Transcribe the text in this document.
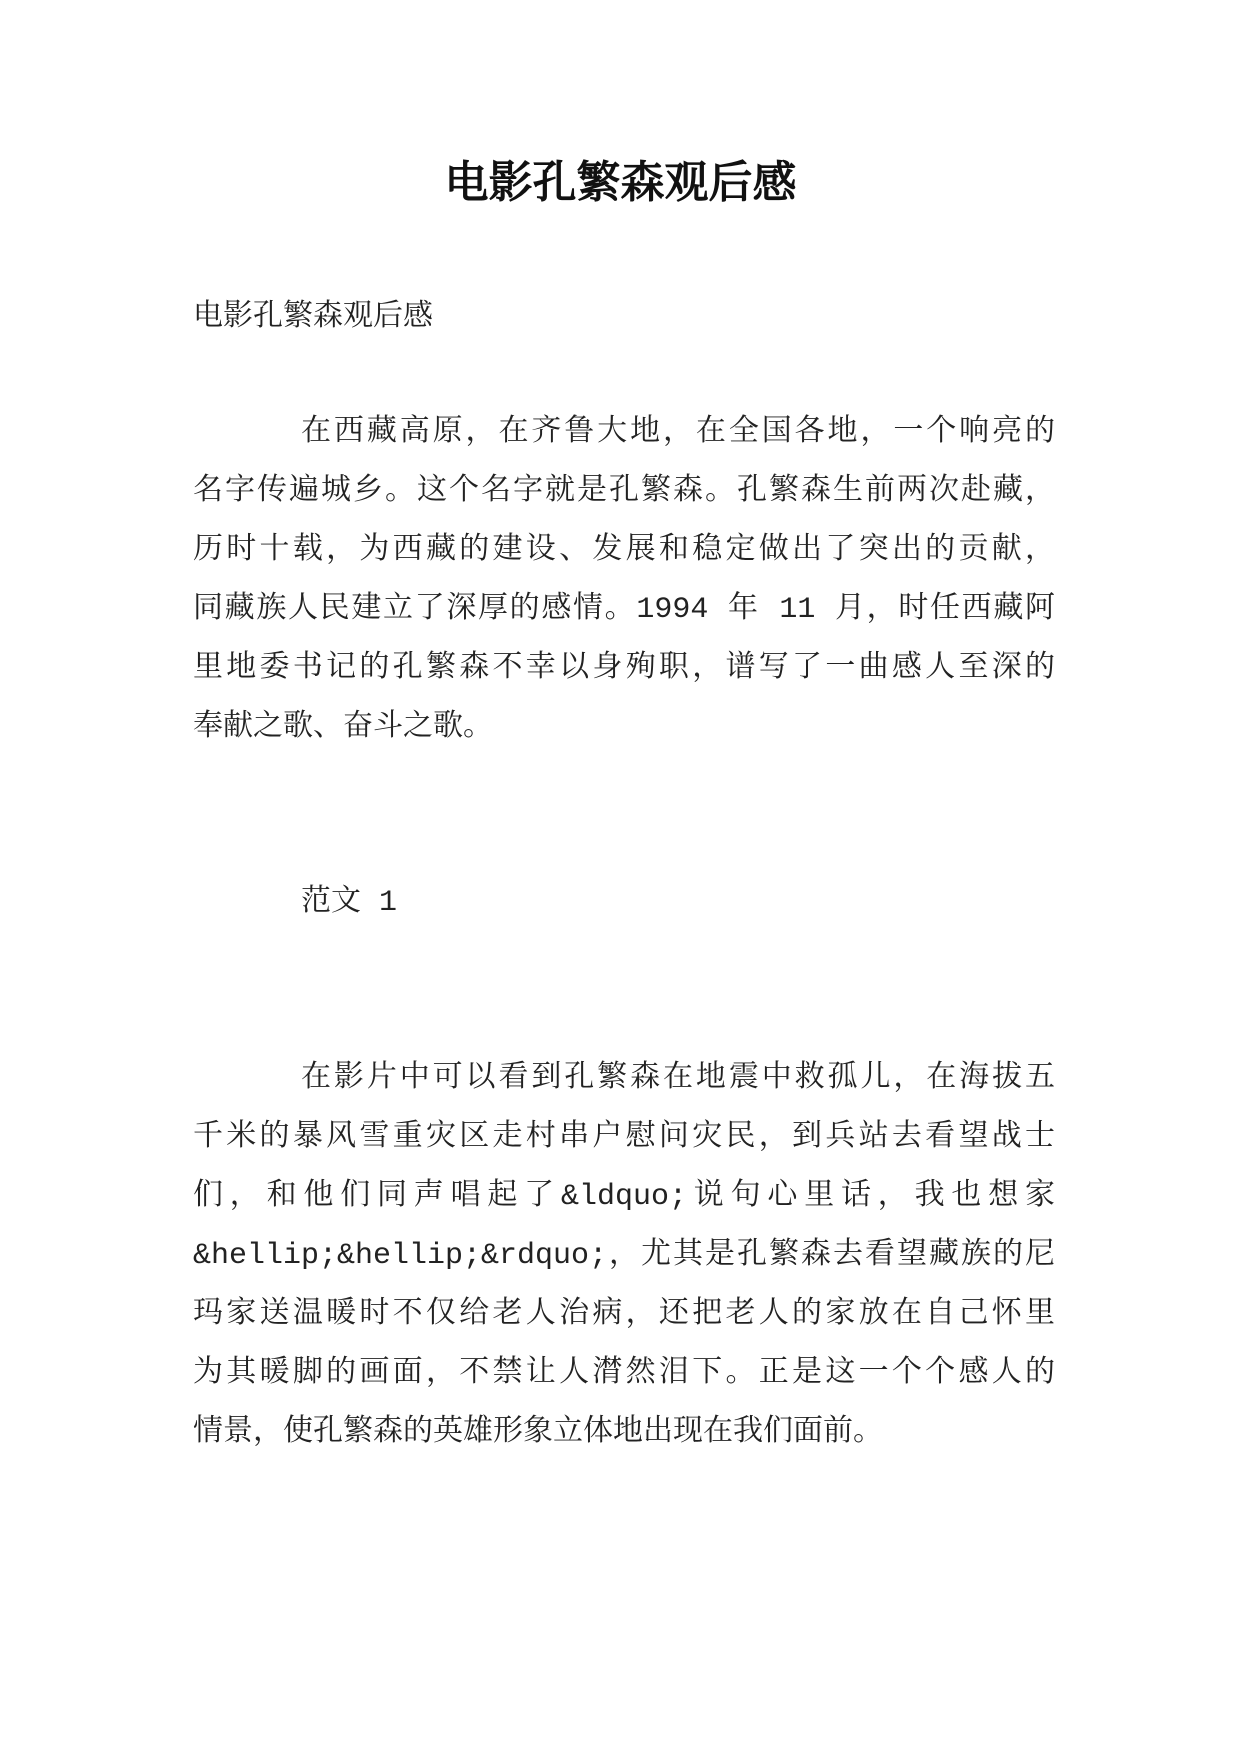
电影孔繁森观后感
电影孔繁森观后感
在西藏高原，在齐鲁大地，在全国各地，一个响亮的
名字传遍城乡。这个名字就是孔繁森。孔繁森生前两次赴藏，
历时十载，为西藏的建设、发展和稳定做出了突出的贡献，
同藏族人民建立了深厚的感情。1994 年 11 月，时任西藏阿
里地委书记的孔繁森不幸以身殉职，谱写了一曲感人至深的
奉献之歌、奋斗之歌。
范文 1
在影片中可以看到孔繁森在地震中救孤儿，在海拔五
千米的暴风雪重灾区走村串户慰问灾民，到兵站去看望战士
们，和他们同声唱起了&ldquo;说句心里话，我也想家
&hellip;&hellip;&rdquo;，尤其是孔繁森去看望藏族的尼
玛家送温暖时不仅给老人治病，还把老人的家放在自己怀里
为其暖脚的画面，不禁让人潸然泪下。正是这一个个感人的
情景，使孔繁森的英雄形象立体地出现在我们面前。
